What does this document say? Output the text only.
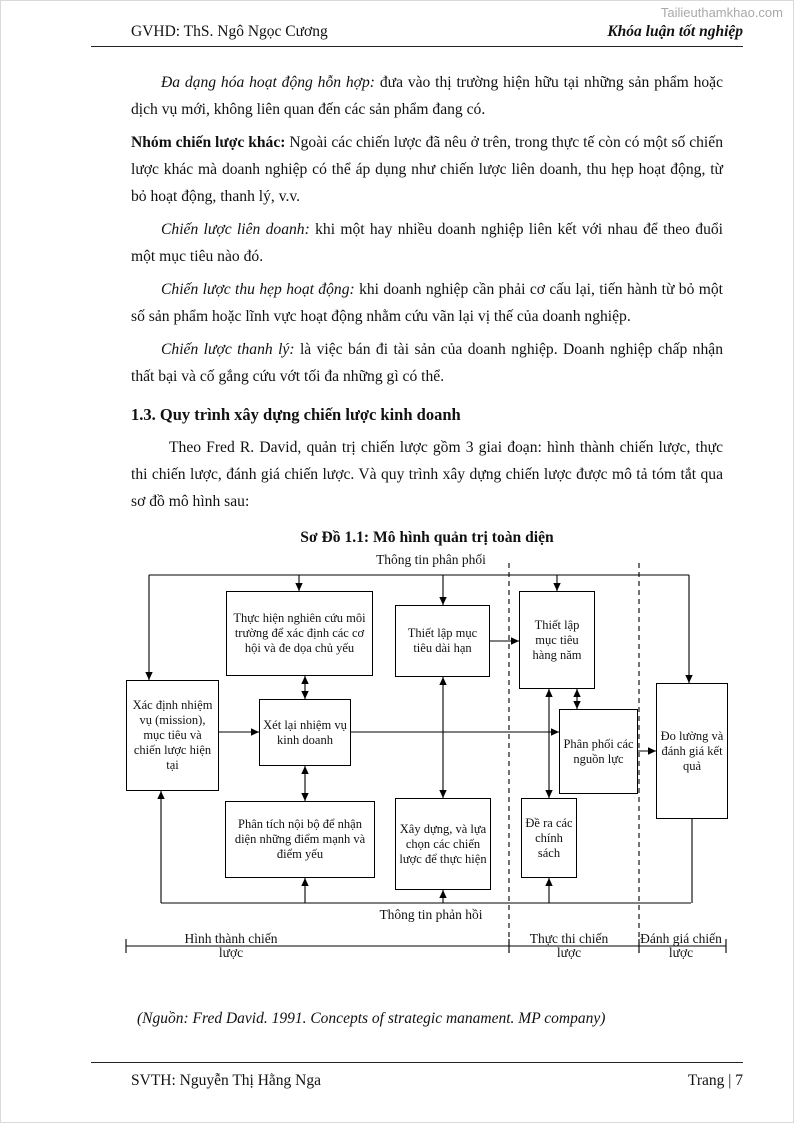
Tailieuthamkhao.com
GVHD: ThS. Ngô Ngọc Cương	Khóa luận tốt nghiệp

Đa dạng hóa hoạt động hỗn hợp: đưa vào thị trường hiện hữu tại những sản phẩm hoặc dịch vụ mới, không liên quan đến các sản phẩm đang có.

Nhóm chiến lược khác: Ngoài các chiến lược đã nêu ở trên, trong thực tế còn có một số chiến lược khác mà doanh nghiệp có thể áp dụng như chiến lược liên doanh, thu hẹp hoạt động, từ bỏ hoạt động, thanh lý, v.v.

Chiến lược liên doanh: khi một hay nhiều doanh nghiệp liên kết với nhau để theo đuổi một mục tiêu nào đó.

Chiến lược thu hẹp hoạt động: khi doanh nghiệp cần phải cơ cấu lại, tiến hành từ bỏ một số sản phẩm hoặc lĩnh vực hoạt động nhằm cứu vãn lại vị thế của doanh nghiệp.

Chiến lược thanh lý: là việc bán đi tài sản của doanh nghiệp. Doanh nghiệp chấp nhận thất bại và cố gắng cứu vớt tối đa những gì có thể.

1.3. Quy trình xây dựng chiến lược kinh doanh

Theo Fred R. David, quản trị chiến lược gồm 3 giai đoạn: hình thành chiến lược, thực thi chiến lược, đánh giá chiến lược. Và quy trình xây dựng chiến lược được mô tả tóm tắt qua sơ đồ mô hình sau:

Sơ Đồ 1.1: Mô hình quản trị toàn diện
Thông tin phân phối
Xác định nhiệm vụ (mission), mục tiêu và chiến lược hiện tại
Thực hiện nghiên cứu môi trường để xác định các cơ hội và đe dọa chủ yếu
Xét lại nhiệm vụ kinh doanh
Phân tích nội bộ để nhận diện những điểm mạnh và điểm yếu
Thiết lập mục tiêu dài hạn
Xây dựng, và lựa chọn các chiến lược để thực hiện
Thiết lập mục tiêu hàng năm
Phân phối các nguồn lực
Đề ra các chính sách
Đo lường và đánh giá kết quả
Thông tin phản hồi
Hình thành chiến lược
Thực thi chiến lược
Đánh giá chiến lược

(Nguồn: Fred David. 1991. Concepts of strategic manament. MP company)

SVTH: Nguyễn Thị Hằng Nga	Trang | 7
